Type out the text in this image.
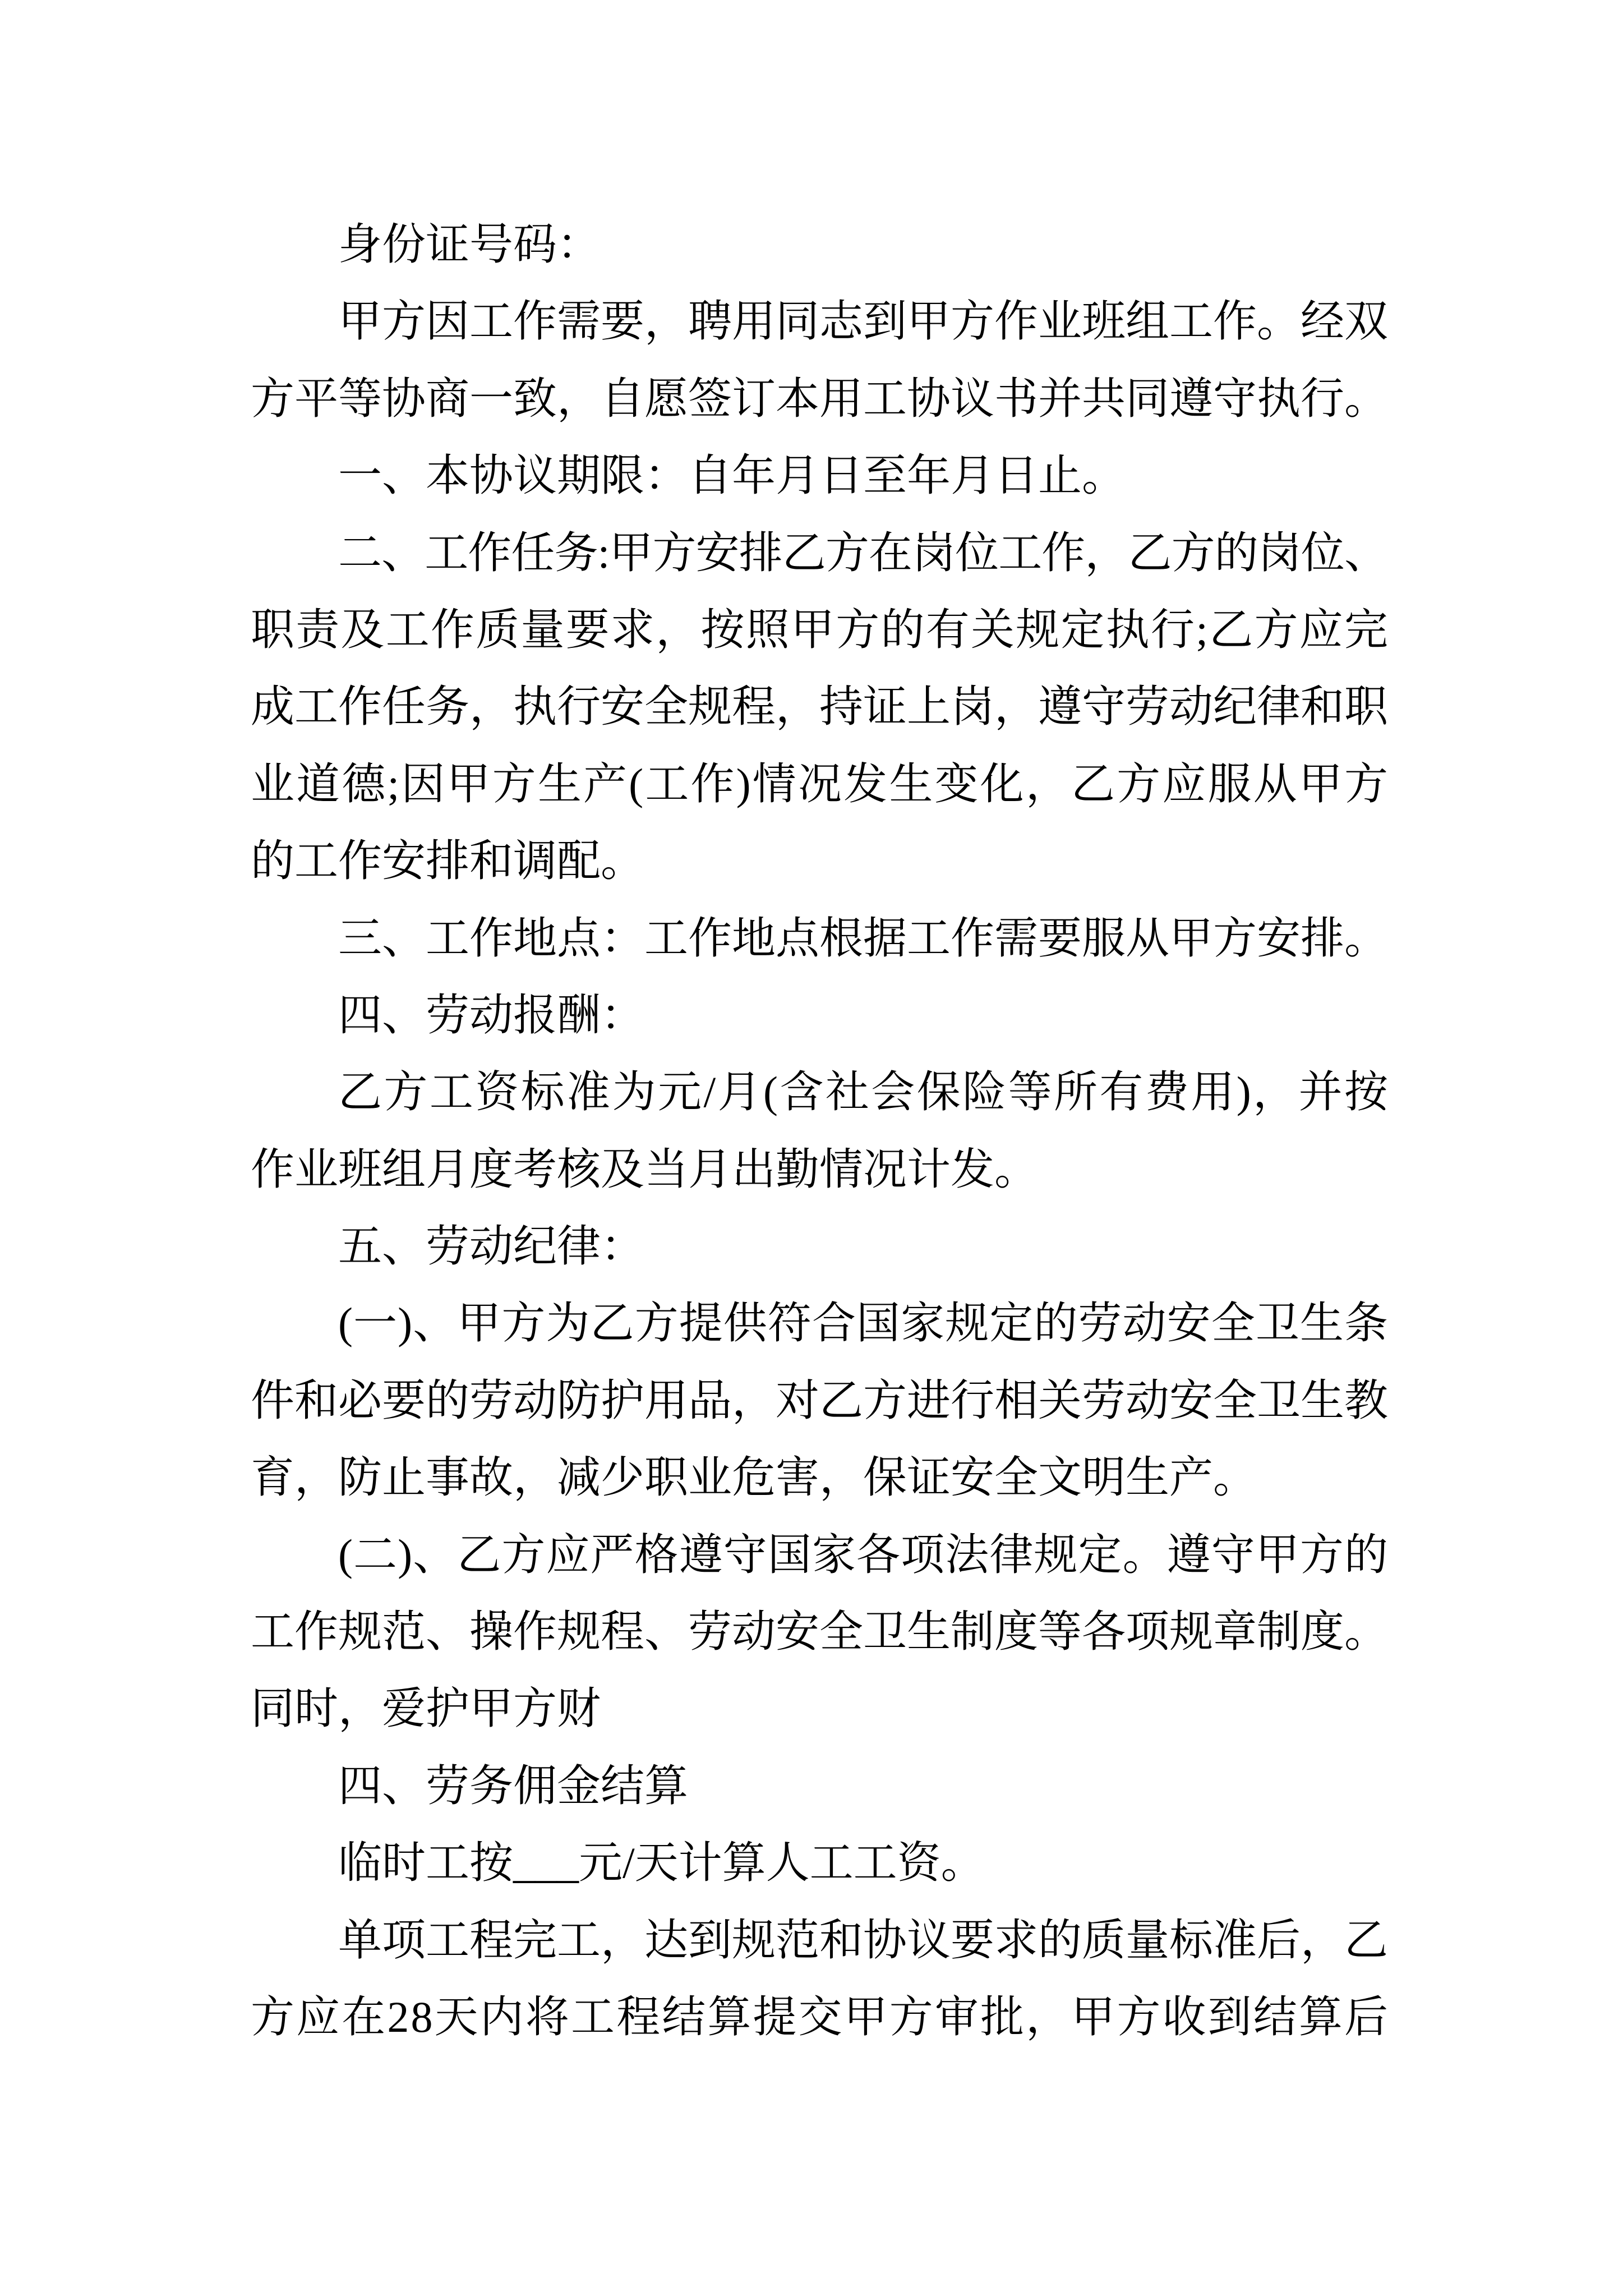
身份证号码：
甲方因工作需要，聘用同志到甲方作业班组工作。经双
方平等协商一致，自愿签订本用工协议书并共同遵守执行。
一、本协议期限：自年月日至年月日止。
二、工作任务:甲方安排乙方在岗位工作，乙方的岗位、
职责及工作质量要求，按照甲方的有关规定执行;乙方应完
成工作任务，执行安全规程，持证上岗，遵守劳动纪律和职
业道德;因甲方生产(工作)情况发生变化，乙方应服从甲方
的工作安排和调配。
三、工作地点：工作地点根据工作需要服从甲方安排。
四、劳动报酬：
乙方工资标准为元/月(含社会保险等所有费用)，并按
作业班组月度考核及当月出勤情况计发。
五、劳动纪律：
(一)、甲方为乙方提供符合国家规定的劳动安全卫生条
件和必要的劳动防护用品，对乙方进行相关劳动安全卫生教
育，防止事故，减少职业危害，保证安全文明生产。
(二)、乙方应严格遵守国家各项法律规定。遵守甲方的
工作规范、操作规程、劳动安全卫生制度等各项规章制度。
同时，爱护甲方财
四、劳务佣金结算
临时工按___元/天计算人工工资。
单项工程完工，达到规范和协议要求的质量标准后，乙
方应在28天内将工程结算提交甲方审批，甲方收到结算后
